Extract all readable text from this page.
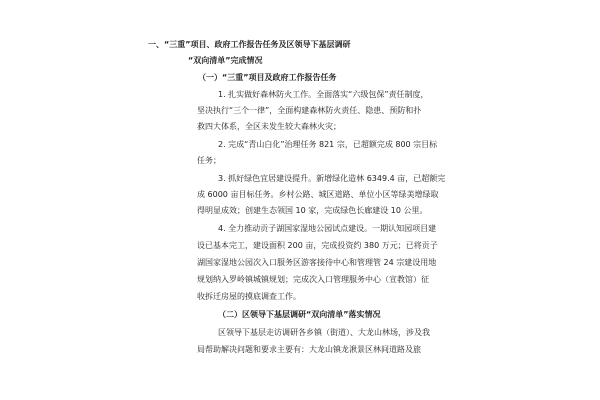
一、“三重”项目、政府工作报告任务及区领导下基层调研
“双向清单”完成情况
（一）“三重”项目及政府工作报告任务
1. 扎实做好森林防火工作。全面落实“六级包保”责任制度，
坚决执行“三个一律”，全面构建森林防火责任、隐患、预防和扑
救四大体系，全区未发生较大森林火灾；
2. 完成“青山白化”治理任务 821 宗，已超额完成 800 宗目标
任务；
3. 抓好绿色宜居建设提升。新增绿化造林 6349.4 亩，已超额完
成 6000 亩目标任务。乡村公路、城区道路、单位小区等绿美增绿取
得明显成效；创建生态领国 10 家，完成绿色长廊建设 10 公里。
4. 全力推动贡子湖国家湿地公园试点建设。一期认知园项目建
设已基本完工，建设面积 200 亩，完成投资约 380 万元；已将贡子
湖国家湿地公园次入口服务区游客接待中心和管理管 24 宗建设用地
规划纳入罗岭镇城镇规划；完成次入口管理服务中心（宣教馆）征
收拆迁房屋的摸底调查工作。
（二）区领导下基层调研“双向清单”落实情况
区领导下基层走访调研各乡镇（街道）、大龙山林场，涉及我
局帮助解决问题和要求主要有：大龙山镇龙湫景区林间道路及旅
